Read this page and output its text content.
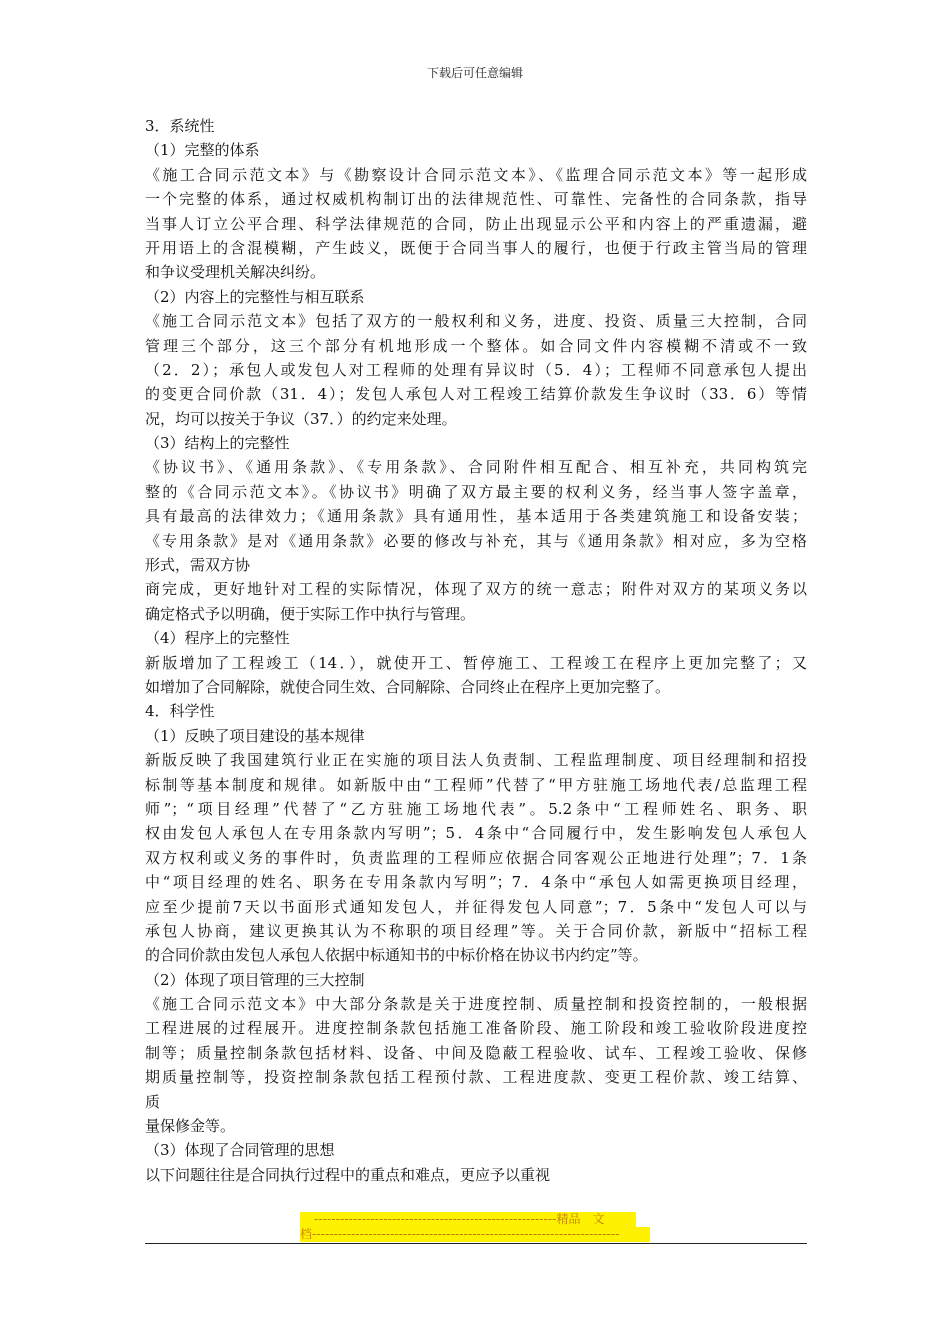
下载后可任意编辑
3．系统性
（1）完整的体系
《施工合同示范文本》与《勘察设计合同示范文本》、《监理合同示范文本》等一起形成
一个完整的体系，通过权威机构制订出的法律规范性、可靠性、完备性的合同条款，指导
当事人订立公平合理、科学法律规范的合同，防止出现显示公平和内容上的严重遗漏，避
开用语上的含混模糊，产生歧义，既便于合同当事人的履行，也便于行政主管当局的管理
和争议受理机关解决纠纷。
（2）内容上的完整性与相互联系
《施工合同示范文本》包括了双方的一般权利和义务，进度、投资、质量三大控制，合同
管理三个部分，这三个部分有机地形成一个整体。如合同文件内容模糊不清或不一致
（2．2）；承包人或发包人对工程师的处理有异议时（5．4）；工程师不同意承包人提出
的变更合同价款（31．4）；发包人承包人对工程竣工结算价款发生争议时（33．6）等情
况，均可以按关于争议（37．）的约定来处理。
（3）结构上的完整性
《协议书》、《通用条款》、《专用条款》、合同附件相互配合、相互补充，共同构筑完
整的《合同示范文本》。《协议书》明确了双方最主要的权利义务，经当事人签字盖章，
具有最高的法律效力；《通用条款》具有通用性，基本适用于各类建筑施工和设备安装；
《专用条款》是对《通用条款》必要的修改与补充，其与《通用条款》相对应，多为空格
形式，需双方协
商完成，更好地针对工程的实际情况，体现了双方的统一意志；附件对双方的某项义务以
确定格式予以明确，便于实际工作中执行与管理。
（4）程序上的完整性
新版增加了工程竣工（14．），就使开工、暂停施工、工程竣工在程序上更加完整了；又
如增加了合同解除，就使合同生效、合同解除、合同终止在程序上更加完整了。
4．科学性
（1）反映了项目建设的基本规律
新版反映了我国建筑行业正在实施的项目法人负责制、工程监理制度、项目经理制和招投
标制等基本制度和规律。如新版中由“工程师”代替了“甲方驻施工场地代表/总监理工程
师”；“项目经理”代替了“乙方驻施工场地代表”。5.2条中“工程师姓名、职务、职
权由发包人承包人在专用条款内写明”；5．4条中“合同履行中，发生影响发包人承包人
双方权利或义务的事件时，负责监理的工程师应依据合同客观公正地进行处理”；7．1条
中“项目经理的姓名、职务在专用条款内写明”；7．4条中“承包人如需更换项目经理，
应至少提前7天以书面形式通知发包人，并征得发包人同意”；7．5条中“发包人可以与
承包人协商，建议更换其认为不称职的项目经理”等。关于合同价款，新版中“招标工程
的合同价款由发包人承包人依据中标通知书的中标价格在协议书内约定”等。
（2）体现了项目管理的三大控制
《施工合同示范文本》中大部分条款是关于进度控制、质量控制和投资控制的，一般根据
工程进展的过程展开。进度控制条款包括施工准备阶段、施工阶段和竣工验收阶段进度控
制等；质量控制条款包括材料、设备、中间及隐蔽工程验收、试车、工程竣工验收、保修
期质量控制等，投资控制条款包括工程预付款、工程进度款、变更工程价款、竣工结算、
质
量保修金等。
（3）体现了合同管理的思想
以下问题往往是合同执行过程中的重点和难点，更应予以重视
--------------------------------------------------------精品　文
档-----------------------------------------------------------------------
